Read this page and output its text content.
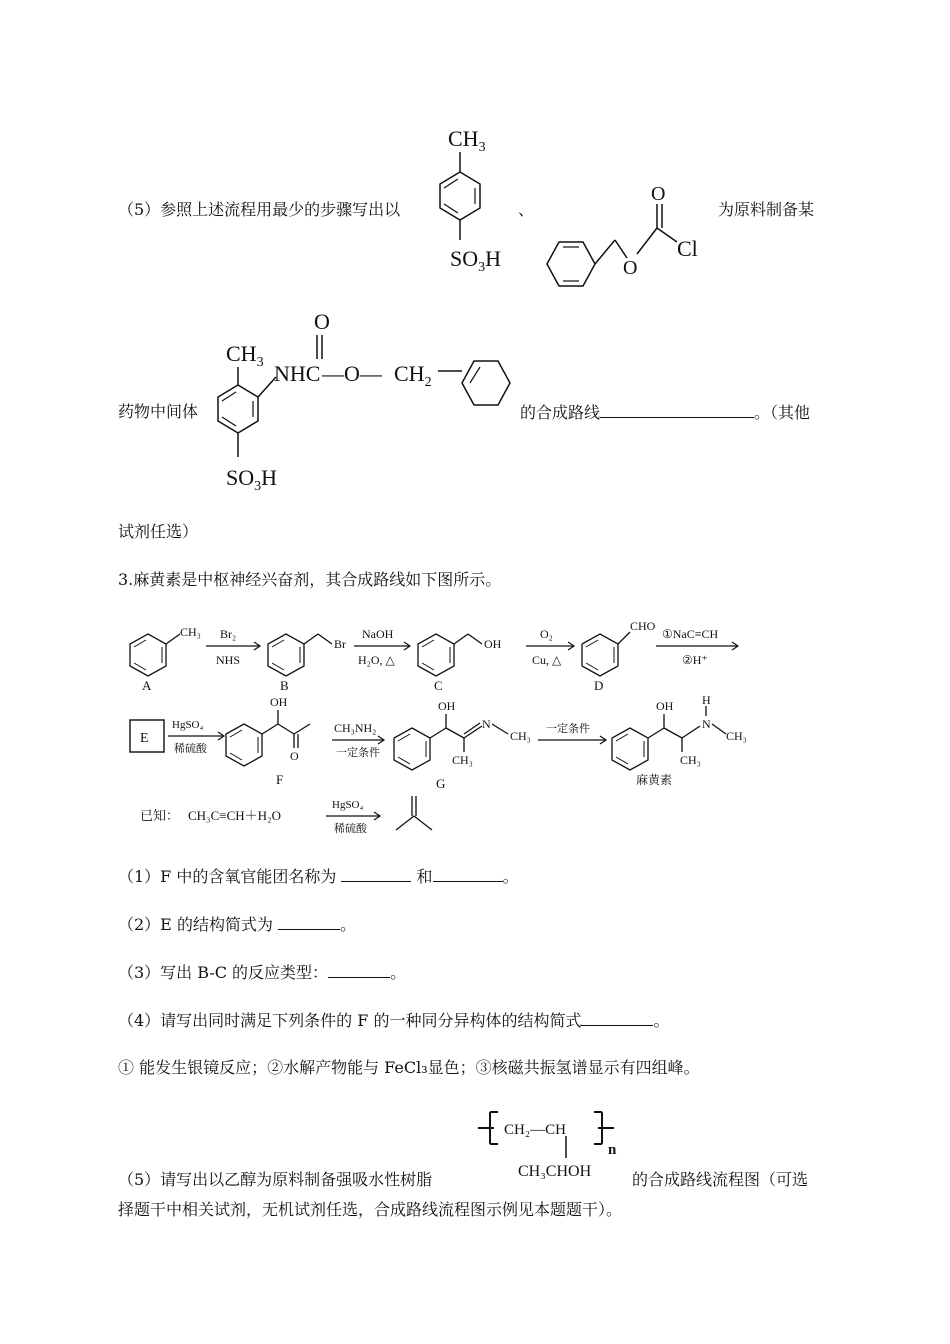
（5）参照上述流程用最少的步骤写出以
$CH_3$
$SO_3H$
、
O
O
Cl
为原料制备某
O
$CH_3$ NHC —O— $CH_2$
$SO_3H$
药物中间体	的合成路线	。（其他
试剂任选）
3.麻黄素是中枢神经兴奋剂，其合成路线如下图所示。
CH₃
A
Br₂
NHS
Br
B
NaOH
H₂O, △
OH
C
O₂
Cu, △
CHO
D
①NaC≡CH
②H⁺
E
HgSO₄
稀硫酸
OH
O
F
CH₃NH₂
一定条件
OH
N
CH₃
CH₃
G
一定条件
OH
CH₃
N
H
CH₃
麻黄素
已知： CH₃C≡CH＋H₂O
HgSO₄
稀硫酸
（1）F 中的含氧官能团名称为	和	。
（2）E 的结构简式为	。
（3）写出 B-C 的反应类型：	。
（4）请写出同时满足下列条件的 F 的一种同分异构体的结构简式	。
① 能发生银镜反应；②水解产物能与 FeCl₃显色；③核磁共振氢谱显示有四组峰。
CH₂—CH
n
CH₃CHOH
（5）请写出以乙醇为原料制备强吸水性树脂	的合成路线流程图（可选
择题干中相关试剂，无机试剂任选，合成路线流程图示例见本题题干）。
